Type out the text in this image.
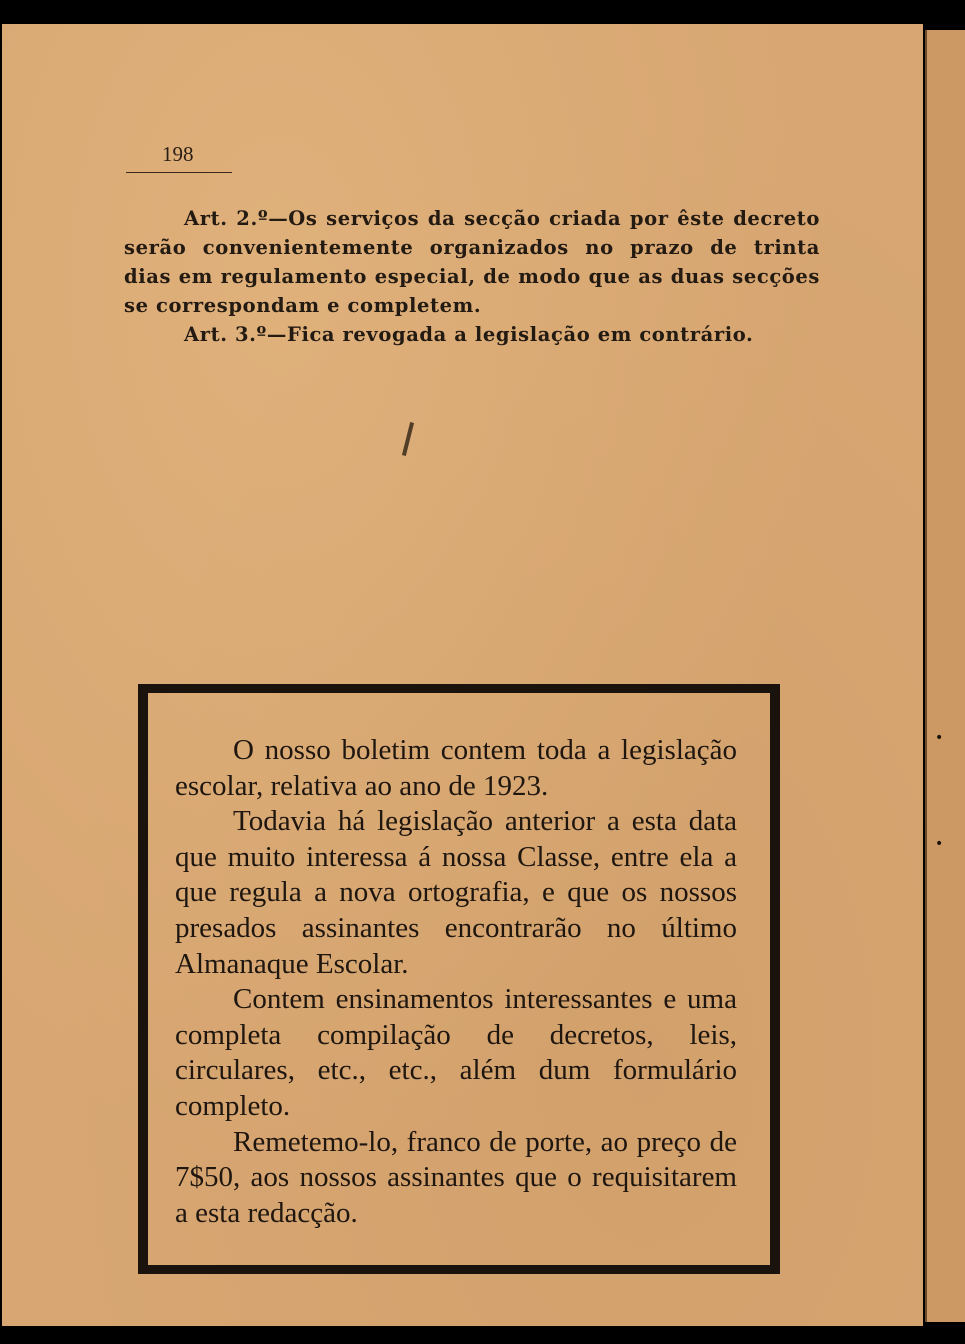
198

Art. 2.º—Os serviços da secção criada por êste decreto serão convenientemente organizados no prazo de trinta dias em regulamento especial, de modo que as duas secções se correspondam e completem.

Art. 3.º—Fica revogada a legislação em contrário.

O nosso boletim contem toda a legislação escolar, relativa ao ano de 1923.

Todavia há legislação anterior a esta data que muito interessa á nossa Classe, entre ela a que regula a nova ortografia, e que os nossos presados assinantes encontrarão no último Almanaque Escolar.

Contem ensinamentos interessantes e uma completa compilação de decretos, leis, circulares, etc., etc., além dum formulário completo.

Remetemo-lo, franco de porte, ao preço de 7$50, aos nossos assinantes que o requisitarem a esta redacção.

•
•
